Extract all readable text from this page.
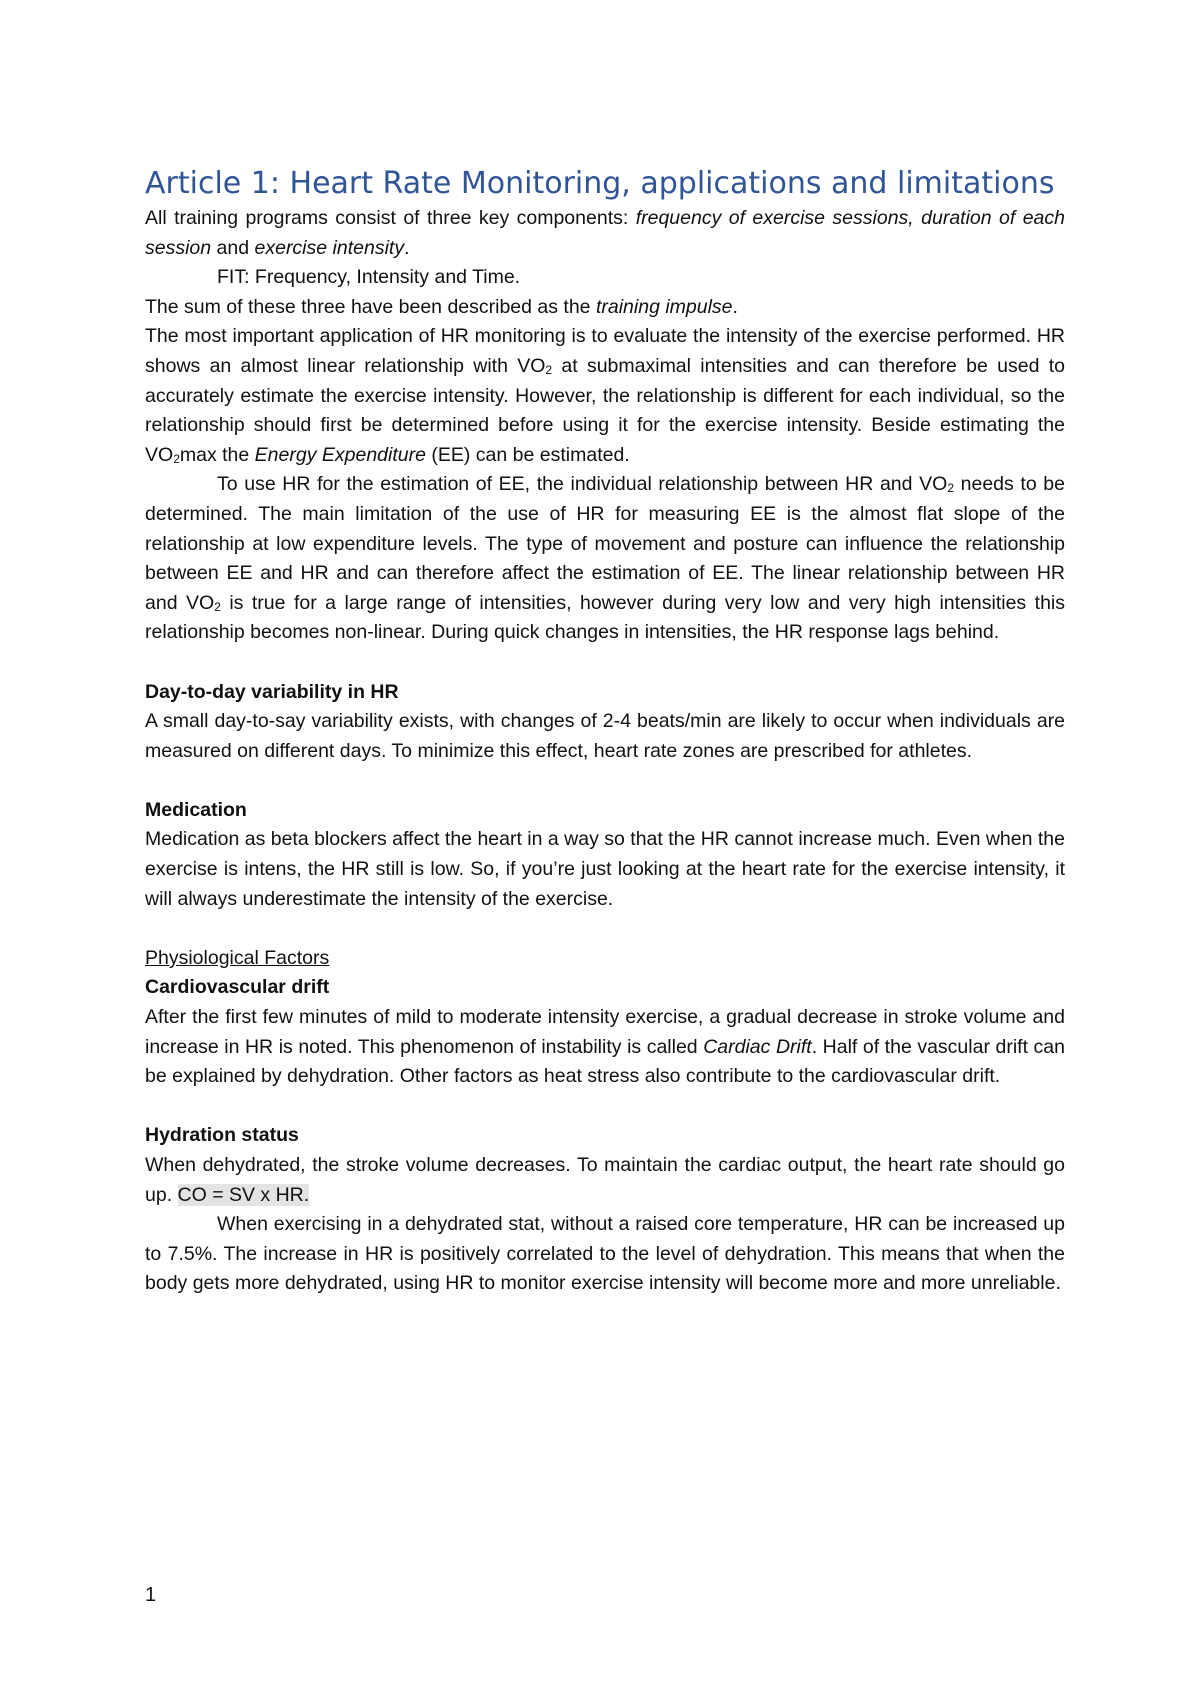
Article 1: Heart Rate Monitoring, applications and limitations

All training programs consist of three key components: frequency of exercise sessions, duration of each session and exercise intensity.

FIT: Frequency, Intensity and Time.

The sum of these three have been described as the training impulse.

The most important application of HR monitoring is to evaluate the intensity of the exercise performed. HR shows an almost linear relationship with $VO_2$ at submaximal intensities and can therefore be used to accurately estimate the exercise intensity. However, the relationship is different for each individual, so the relationship should first be determined before using it for the exercise intensity. Beside estimating the $VO_2\max$ the Energy Expenditure (EE) can be estimated.

To use HR for the estimation of EE, the individual relationship between HR and $VO_2$ needs to be determined. The main limitation of the use of HR for measuring EE is the almost flat slope of the relationship at low expenditure levels. The type of movement and posture can influence the relationship between EE and HR and can therefore affect the estimation of EE. The linear relationship between HR and $VO_2$ is true for a large range of intensities, however during very low and very high intensities this relationship becomes non-linear. During quick changes in intensities, the HR response lags behind.

Day-to-day variability in HR

A small day-to-say variability exists, with changes of 2-4 beats/min are likely to occur when individuals are measured on different days. To minimize this effect, heart rate zones are prescribed for athletes.

Medication

Medication as beta blockers affect the heart in a way so that the HR cannot increase much. Even when the exercise is intens, the HR still is low. So, if you’re just looking at the heart rate for the exercise intensity, it will always underestimate the intensity of the exercise.

Physiological Factors

Cardiovascular drift

After the first few minutes of mild to moderate intensity exercise, a gradual decrease in stroke volume and increase in HR is noted. This phenomenon of instability is called Cardiac Drift. Half of the vascular drift can be explained by dehydration. Other factors as heat stress also contribute to the cardiovascular drift.

Hydration status

When dehydrated, the stroke volume decreases. To maintain the cardiac output, the heart rate should go up. CO = SV x HR.

When exercising in a dehydrated stat, without a raised core temperature, HR can be increased up to 7.5%. The increase in HR is positively correlated to the level of dehydration. This means that when the body gets more dehydrated, using HR to monitor exercise intensity will become more and more unreliable.

1
